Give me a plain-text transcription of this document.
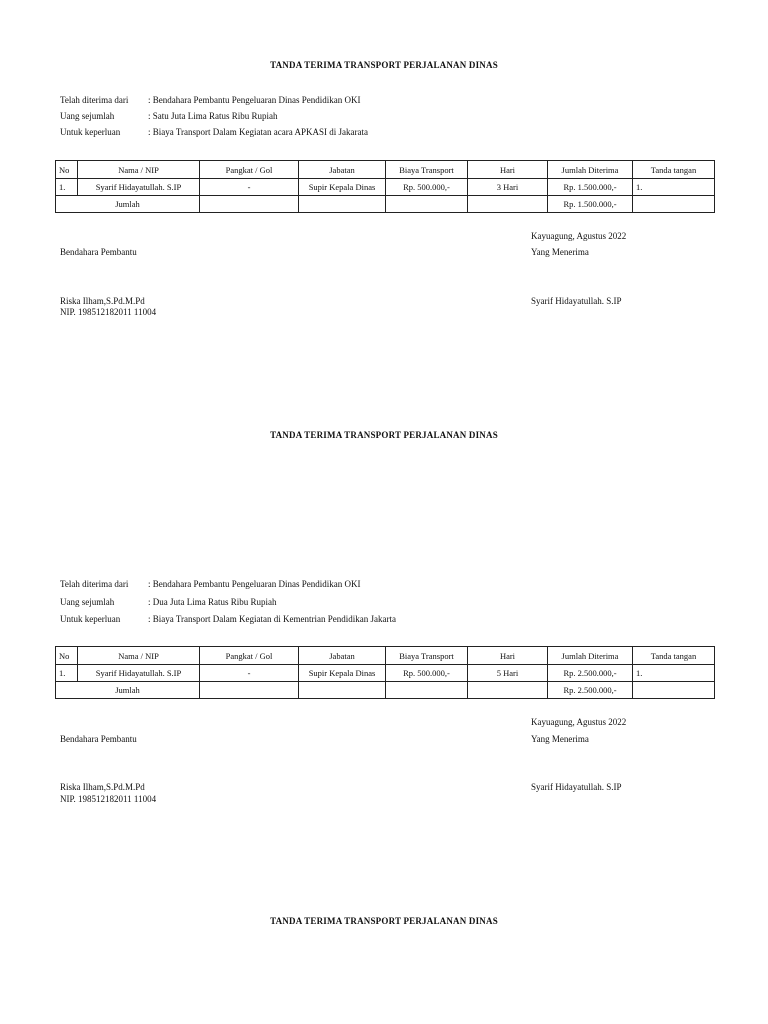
TANDA TERIMA TRANSPORT PERJALANAN DINAS
Telah diterima dari : Bendahara Pembantu Pengeluaran Dinas Pendidikan OKI
Uang sejumlah	: Satu Juta Lima Ratus Ribu Rupiah
Untuk keperluan	: Biaya Transport Dalam Kegiatan acara APKASI di Jakarata
No	Nama / NIP	Pangkat / Gol	Jabatan	Biaya Transport	Hari	Jumlah Diterima	Tanda tangan
1.	Syarif Hidayatullah. S.IP	-	Supir Kepala Dinas	Rp. 500.000,-	3 Hari	Rp. 1.500.000,-	1.
Jumlah						Rp. 1.500.000,-	
Kayuagung, Agustus 2022
Bendahara Pembantu	Yang Menerima
Riska Ilham,S.Pd.M.Pd
NIP. 198512182011 11004
Syarif Hidayatullah. S.IP
TANDA TERIMA TRANSPORT PERJALANAN DINAS
Telah diterima dari : Bendahara Pembantu Pengeluaran Dinas Pendidikan OKI
Uang sejumlah	: Dua Juta Lima Ratus Ribu Rupiah
Untuk keperluan	: Biaya Transport Dalam Kegiatan di Kementrian Pendidikan Jakarta
No	Nama / NIP	Pangkat / Gol	Jabatan	Biaya Transport	Hari	Jumlah Diterima	Tanda tangan
1.	Syarif Hidayatullah. S.IP	-	Supir Kepala Dinas	Rp. 500.000,-	5 Hari	Rp. 2.500.000,-	1.
Jumlah						Rp. 2.500.000,-	
Kayuagung, Agustus 2022
Bendahara Pembantu	Yang Menerima
Riska Ilham,S.Pd.M.Pd
NIP. 198512182011 11004
Syarif Hidayatullah. S.IP
TANDA TERIMA TRANSPORT PERJALANAN DINAS
